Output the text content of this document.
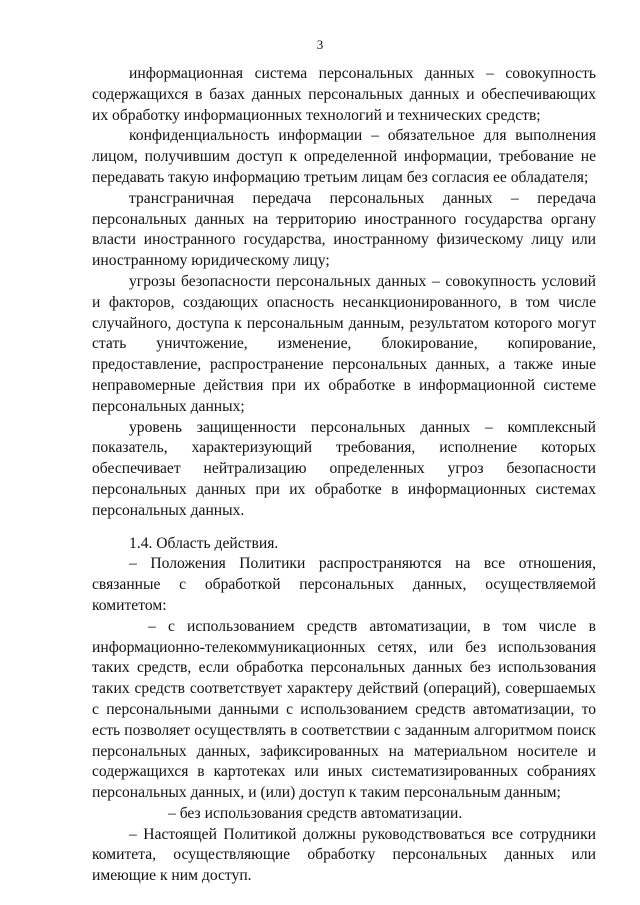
3

информационная система персональных данных – совокупность содержащихся в базах данных персональных данных и обеспечивающих их обработку информационных технологий и технических средств;

конфиденциальность информации – обязательное для выполнения лицом, получившим доступ к определенной информации, требование не передавать такую информацию третьим лицам без согласия ее обладателя;

трансграничная передача персональных данных – передача персональных данных на территорию иностранного государства органу власти иностранного государства, иностранному физическому лицу или иностранному юридическому лицу;

угрозы безопасности персональных данных – совокупность условий и факторов, создающих опасность несанкционированного, в том числе случайного, доступа к персональным данным, результатом которого могут стать уничтожение, изменение, блокирование, копирование, предоставление, распространение персональных данных, а также иные неправомерные действия при их обработке в информационной системе персональных данных;

уровень защищенности персональных данных – комплексный показатель, характеризующий требования, исполнение которых обеспечивает нейтрализацию определенных угроз безопасности персональных данных при их обработке в информационных системах персональных данных.

1.4. Область действия.

– Положения Политики распространяются на все отношения, связанные с обработкой персональных данных, осуществляемой комитетом:

– с использованием средств автоматизации, в том числе в информационно-телекоммуникационных сетях, или без использования таких средств, если обработка персональных данных без использования таких средств соответствует характеру действий (операций), совершаемых с персональными данными с использованием средств автоматизации, то есть позволяет осуществлять в соответствии с заданным алгоритмом поиск персональных данных, зафиксированных на материальном носителе и содержащихся в картотеках или иных систематизированных собраниях персональных данных, и (или) доступ к таким персональным данным;

– без использования средств автоматизации.

– Настоящей Политикой должны руководствоваться все сотрудники комитета, осуществляющие обработку персональных данных или имеющие к ним доступ.
